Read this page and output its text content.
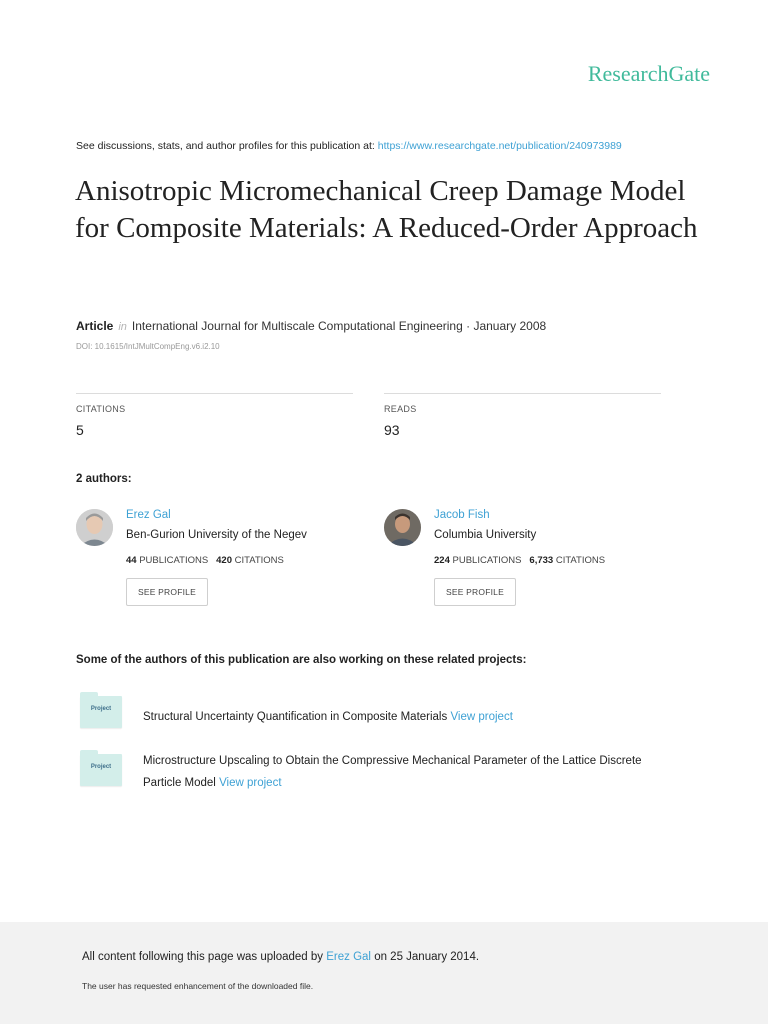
ResearchGate
See discussions, stats, and author profiles for this publication at: https://www.researchgate.net/publication/240973989
Anisotropic Micromechanical Creep Damage Model for Composite Materials: A Reduced-Order Approach
Article in International Journal for Multiscale Computational Engineering · January 2008
DOI: 10.1615/IntJMultCompEng.v6.i2.10
CITATIONS
5
READS
93
2 authors:
Erez Gal
Ben-Gurion University of the Negev
44 PUBLICATIONS 420 CITATIONS
SEE PROFILE
Jacob Fish
Columbia University
224 PUBLICATIONS 6,733 CITATIONS
SEE PROFILE
Some of the authors of this publication are also working on these related projects:
Project
Structural Uncertainty Quantification in Composite Materials View project
Project	Microstructure Upscaling to Obtain the Compressive Mechanical Parameter of the Lattice Discrete Particle Model View project
All content following this page was uploaded by Erez Gal on 25 January 2014.
The user has requested enhancement of the downloaded file.
